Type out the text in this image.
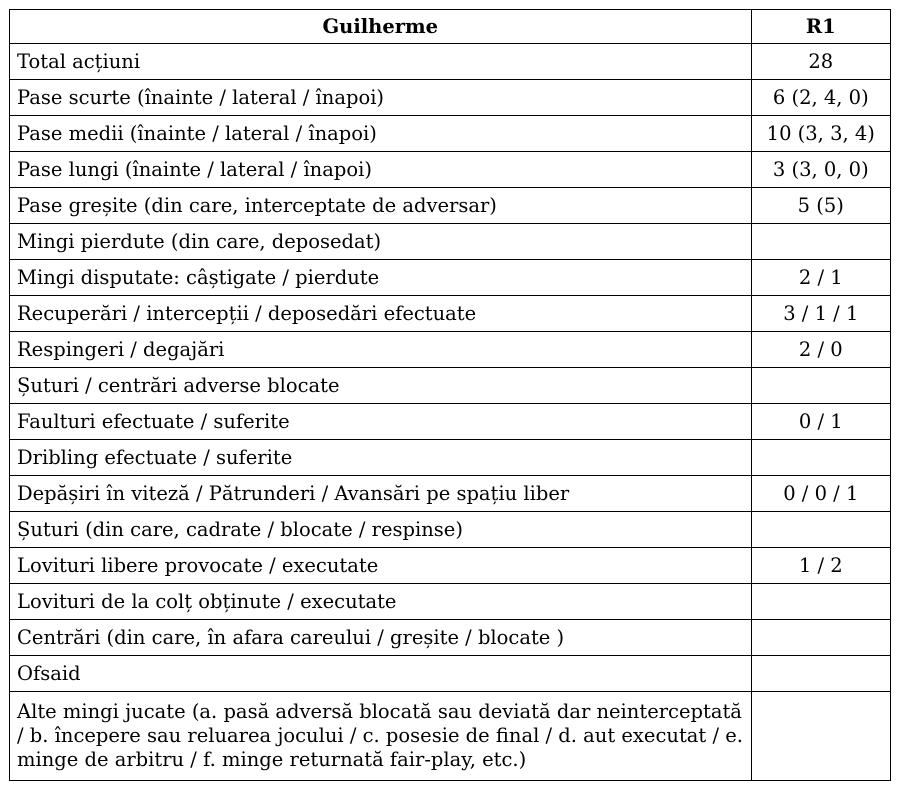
Guilherme	R1
Total acțiuni	28
Pase scurte (înainte / lateral / înapoi)	6 (2, 4, 0)
Pase medii (înainte / lateral / înapoi)	10 (3, 3, 4)
Pase lungi (înainte / lateral / înapoi)	3 (3, 0, 0)
Pase greșite (din care, interceptate de adversar)	5 (5)
Mingi pierdute (din care, deposedat)	
Mingi disputate: câștigate / pierdute	2 / 1
Recuperări / intercepții / deposedări efectuate	3 / 1 / 1
Respingeri / degajări	2 / 0
Șuturi / centrări adverse blocate	
Faulturi efectuate / suferite	0 / 1
Dribling efectuate / suferite	
Depășiri în viteză / Pătrunderi / Avansări pe spațiu liber	0 / 0 / 1
Șuturi (din care, cadrate / blocate / respinse)	
Lovituri libere provocate / executate	1 / 2
Lovituri de la colț obținute / executate	
Centrări (din care, în afara careului / greșite / blocate )	
Ofsaid	
Alte mingi jucate (a. pasă adversă blocată sau deviată dar neinterceptată / b. începere sau reluarea jocului / c. posesie de final / d. aut executat / e. minge de arbitru / f. minge returnată fair-play, etc.)	
